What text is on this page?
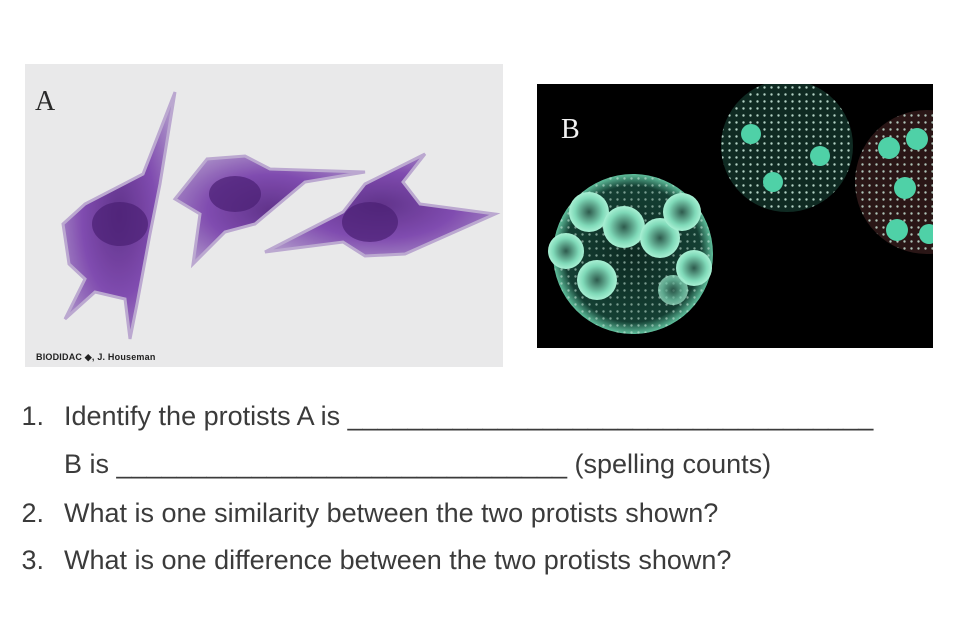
A
BIODIDAC ◆, J. Houseman
B
1. Identify the protists A is ___________________________________
B is ______________________________ (spelling counts)
2. What is one similarity between the two protists shown?
3. What is one difference between the two protists shown?
